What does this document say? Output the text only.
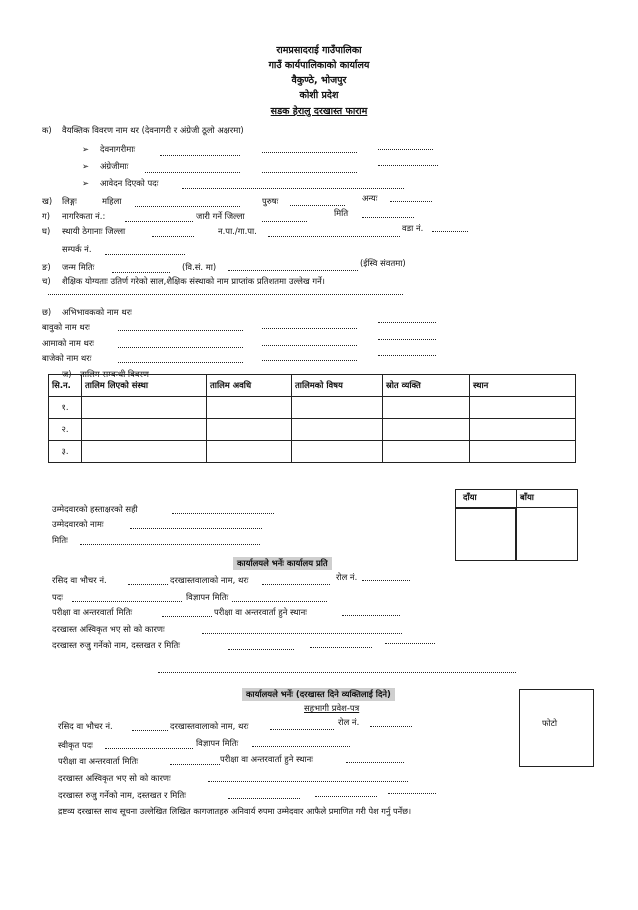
रामप्रसादराई गाउँपालिका
गाउँ कार्यपालिकाको कार्यालय
वैकुण्ठे, भोजपुर
कोशी प्रदेश
सडक हेरालु दरखास्त फाराम
क) वैयक्तिक विवरण नाम थर (देवनागरी र अंग्रेजी ठूलो अक्षरमा)
➢ देवनागरीमाः
➢ अंग्रेजीमाः
➢ आवेदन दिएको पदः
ख) लिङ्गः	महिला	पुरुषः	अन्यः
ग) नागरिकता नं.:	जारी गर्ने जिल्ला	मिति
घ) स्थायी ठेगानाः जिल्ला	न.पा./गा.पा.	वडा नं.
सम्पर्क नं.
ङ) जन्म मितिः	(वि.सं. मा)	(ईस्वि संवतमा)
च) शैक्षिक योग्यताः उतिर्ण गरेको साल,शैक्षिक संस्थाको नाम प्राप्तांक प्रतिशतमा उल्लेख गर्ने।
छ) अभिभावकको नाम थरः
बावुको नाम थरः
आमाको नाम थरः
बाजेको नाम थरः
ज) तालिम सम्बन्धी विवरण
सि.न.	तालिम लिएको संस्था	तालिम अवधि	तालिमको विषय	स्रोत व्यक्ति	स्थान
१.					
२.					
३.					
उम्मेदवारको हस्ताक्षरको सही
उम्मेदवारको नामः
मितिः
दाँया	बाँया
कार्यालयले भर्नेः कार्यालय प्रति
रसिद वा भौचर नं.	दरखास्तवालाको नाम, थरः	रोल नं.
पदः	विज्ञापन मितिः
परीक्षा वा अन्तरवार्ता मितिः	परीक्षा वा अन्तरवार्ता हुने स्थानः
दरखास्त अस्विकृत भए सो को कारणः
दरखास्त रुजु गर्नेको नाम, दस्तखत र मितिः
कार्यालयले भर्नेः (दरखास्त दिने व्यक्तिलाई दिने)
सहभागी प्रवेश-पत्र
फोटो
रसिद वा भौचर नं.	दरखास्तवालाको नाम, थरः	रोल नं.
स्वीकृत पदः	विज्ञापन मितिः
परीक्षा वा अन्तरवार्ता मितिः	परीक्षा वा अन्तरवार्ता हुने स्थानः
दरखास्त अस्विकृत भए सो को कारणः
दरखास्त रुजु गर्नेको नाम, दस्तखत र मितिः
द्रष्टव्य दरखास्त साथ सूचना उल्लेखित लिखित कागजातहरु अनिवार्य रुपमा उम्मेदवार आफैले प्रमाणित गरी पेश गर्नु पर्नेछ।
